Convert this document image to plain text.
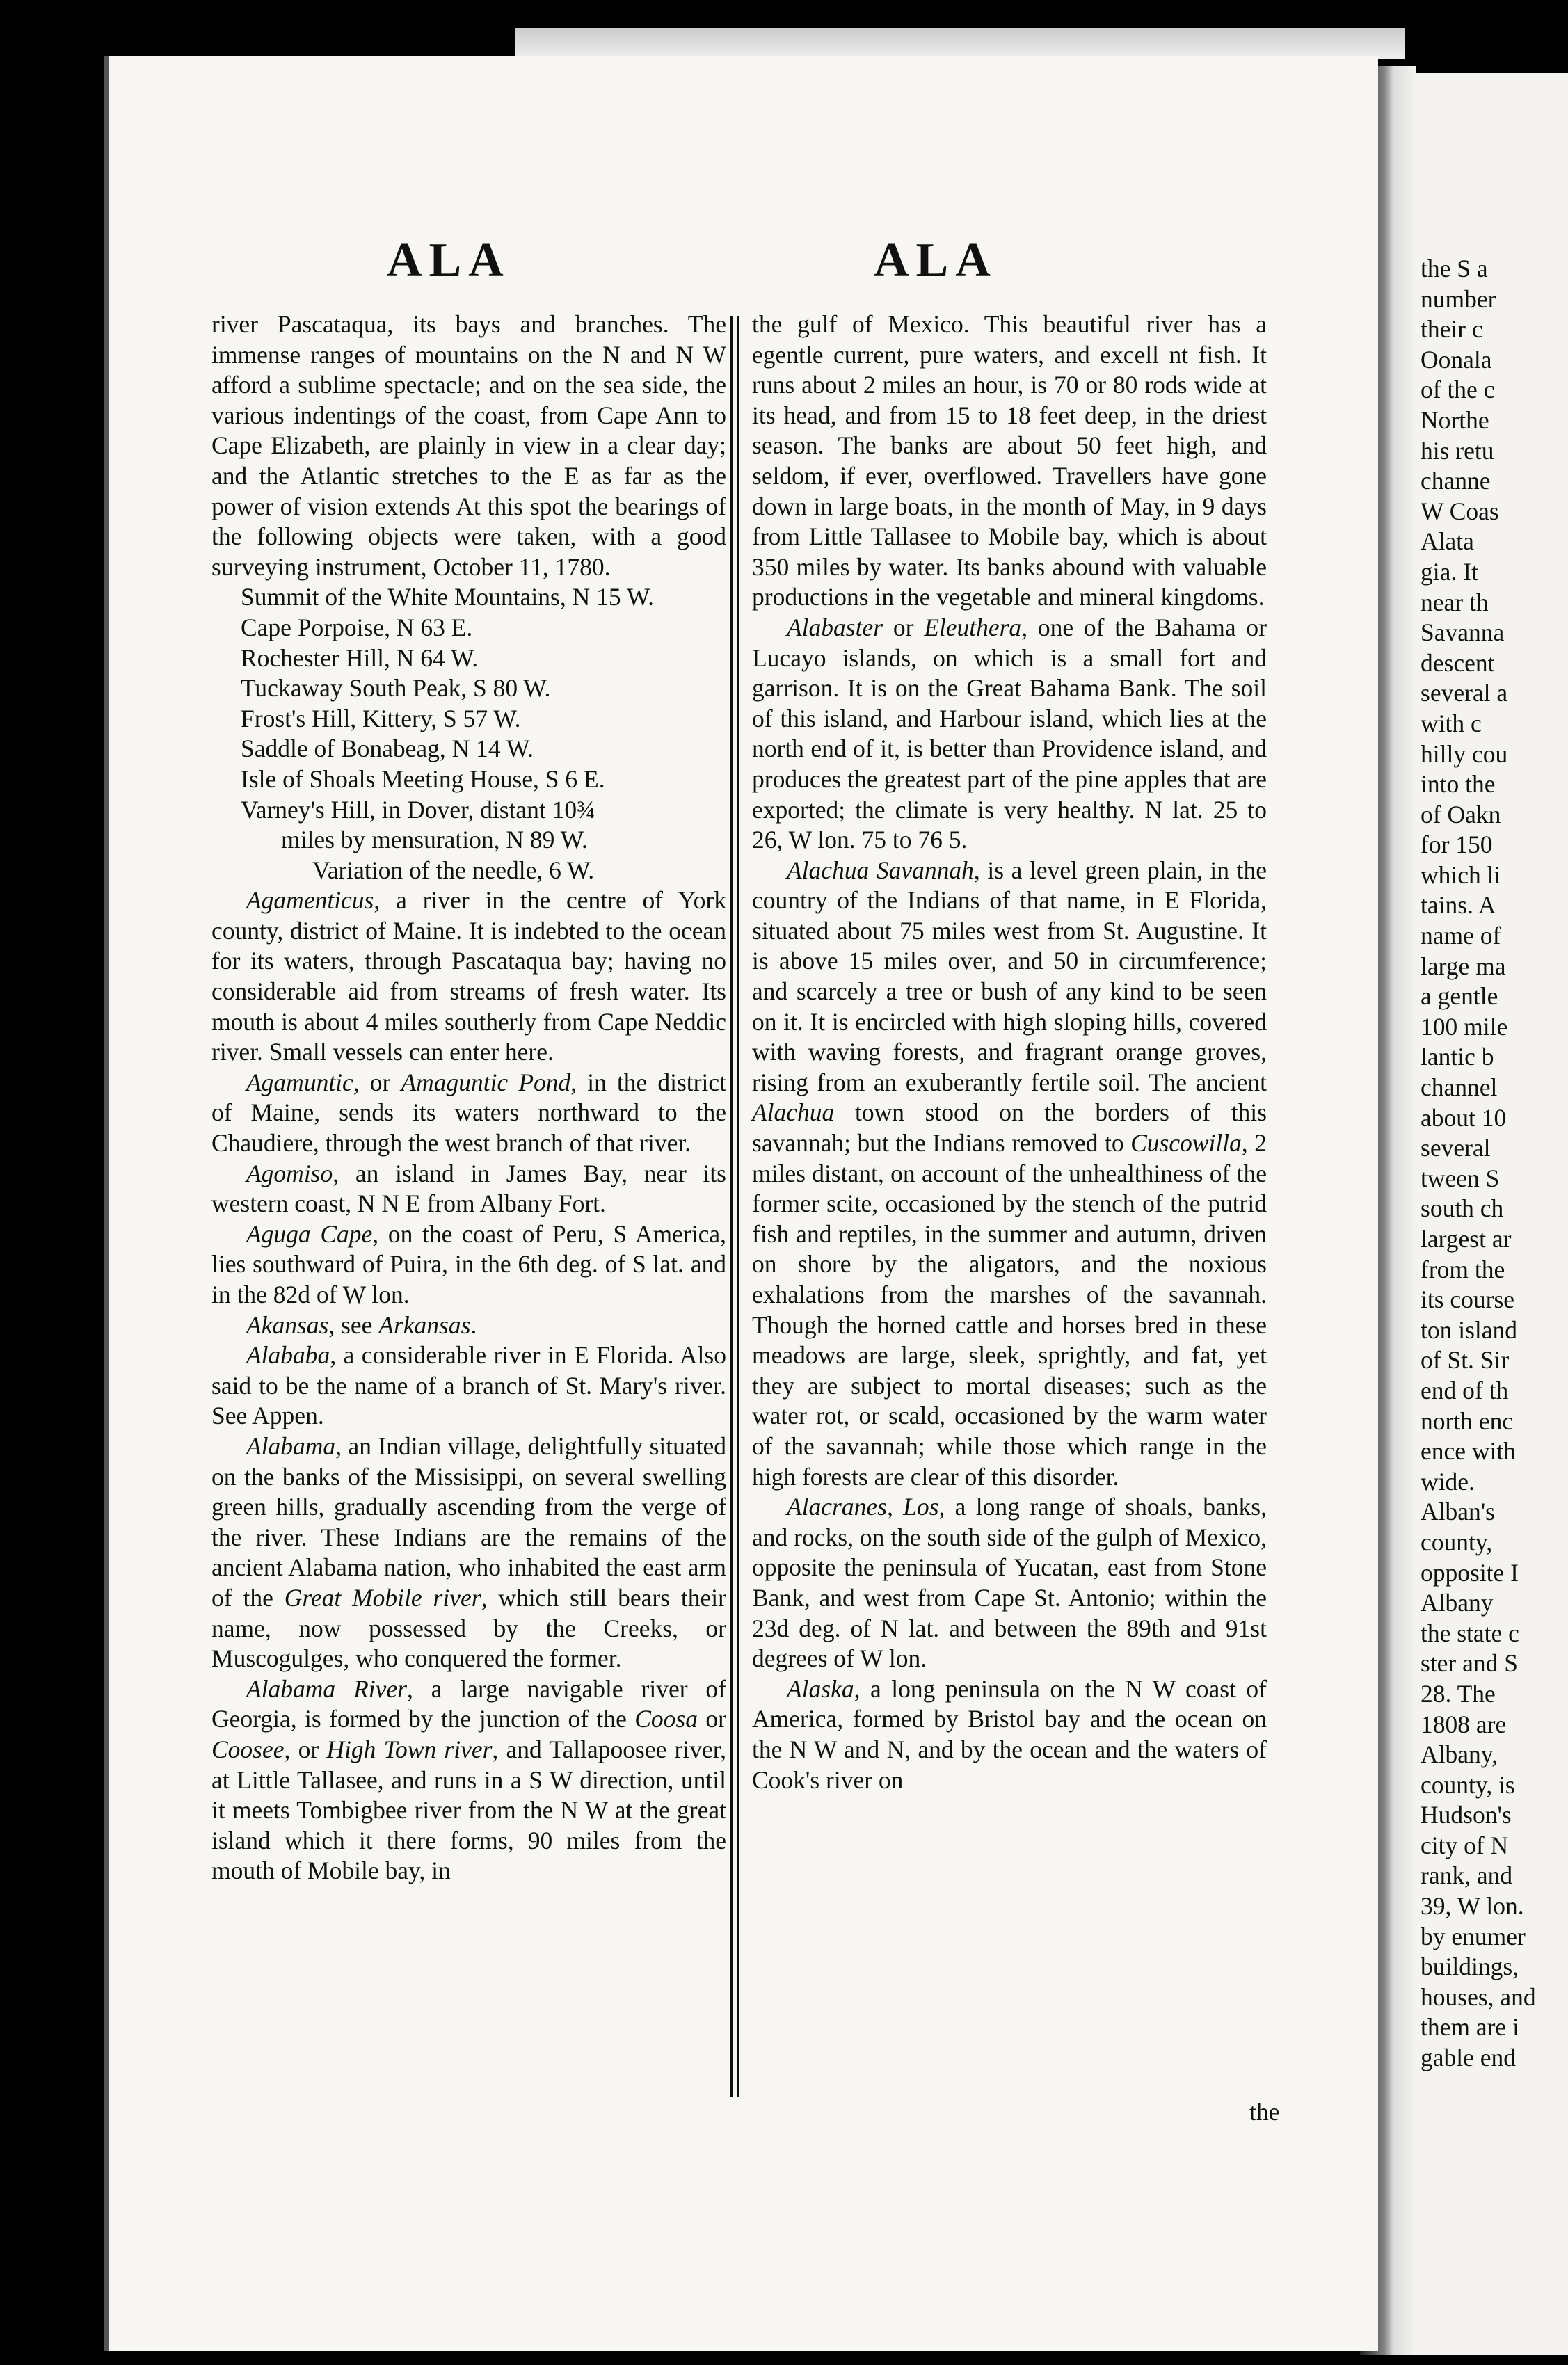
the S a

number

their c

Oonala

of the c

Northe

his retu

channe

W Coas

Alata

gia. It

near th

Savanna

descent

several a

with c

hilly cou

into the

of Oakn

for 150

which li

tains. A

name of

large ma

a gentle

100 mile

lantic b

channel

about 10

several

tween S

south ch

largest ar

from the

its course

ton island

of St. Sir

end of th

north enc

ence with

wide.

Alban's

county,

opposite I

Albany

the state c

ster and S

28. The

1808 are

Albany,

county, is

Hudson's

city of N

rank, and

39, W lon.

by enumer

buildings,

houses, and

them are i

gable end

ALA	ALA

river Pascataqua, its bays and branches. The immense ranges of mountains on the N and N W afford a sublime spectacle; and on the sea side, the various indentings of the coast, from Cape Ann to Cape Elizabeth, are plainly in view in a clear day; and the Atlantic stretches to the E as far as the power of vision extends At this spot the bearings of the following objects were taken, with a good surveying instrument, October 11, 1780.

Summit of the White Mountains, N 15 W.

Cape Porpoise, N 63 E.

Rochester Hill, N 64 W.

Tuckaway South Peak, S 80 W.

Frost's Hill, Kittery, S 57 W.

Saddle of Bonabeag, N 14 W.

Isle of Shoals Meeting House, S 6 E.

Varney's Hill, in Dover, distant 10¾

miles by mensuration, N 89 W.

Variation of the needle, 6 W.

Agamenticus, a river in the centre of York county, district of Maine. It is indebted to the ocean for its waters, through Pascataqua bay; having no considerable aid from streams of fresh water. Its mouth is about 4 miles southerly from Cape Neddic river. Small vessels can enter here.

Agamuntic, or Amaguntic Pond, in the district of Maine, sends its waters northward to the Chaudiere, through the west branch of that river.

Agomiso, an island in James Bay, near its western coast, N N E from Albany Fort.

Aguga Cape, on the coast of Peru, S America, lies southward of Puira, in the 6th deg. of S lat. and in the 82d of W lon.

Akansas, see Arkansas.

Alababa, a considerable river in E Florida. Also said to be the name of a branch of St. Mary's river. See Appen.

Alabama, an Indian village, delightfully situated on the banks of the Missisippi, on several swelling green hills, gradually ascending from the verge of the river. These Indians are the remains of the ancient Alabama nation, who inhabited the east arm of the Great Mobile river, which still bears their name, now possessed by the Creeks, or Muscogulges, who conquered the former.

Alabama River, a large navigable river of Georgia, is formed by the junction of the Coosa or Coosee, or High Town river, and Tallapoosee river, at Little Tallasee, and runs in a S W direction, until it meets Tombigbee river from the N W at the great island which it there forms, 90 miles from the mouth of Mobile bay, in

the gulf of Mexico. This beautiful river has a egentle current, pure waters, and excell nt fish. It runs about 2 miles an hour, is 70 or 80 rods wide at its head, and from 15 to 18 feet deep, in the driest season. The banks are about 50 feet high, and seldom, if ever, overflowed. Travellers have gone down in large boats, in the month of May, in 9 days from Little Tallasee to Mobile bay, which is about 350 miles by water. Its banks abound with valuable productions in the vegetable and mineral kingdoms.

Alabaster or Eleuthera, one of the Bahama or Lucayo islands, on which is a small fort and garrison. It is on the Great Bahama Bank. The soil of this island, and Harbour island, which lies at the north end of it, is better than Providence island, and produces the greatest part of the pine apples that are exported; the climate is very healthy. N lat. 25 to 26, W lon. 75 to 76 5.

Alachua Savannah, is a level green plain, in the country of the Indians of that name, in E Florida, situated about 75 miles west from St. Augustine. It is above 15 miles over, and 50 in circumference; and scarcely a tree or bush of any kind to be seen on it. It is encircled with high sloping hills, covered with waving forests, and fragrant orange groves, rising from an exuberantly fertile soil. The ancient Alachua town stood on the borders of this savannah; but the Indians removed to Cuscowilla, 2 miles distant, on account of the unhealthiness of the former scite, occasioned by the stench of the putrid fish and reptiles, in the summer and autumn, driven on shore by the aligators, and the noxious exhalations from the marshes of the savannah. Though the horned cattle and horses bred in these meadows are large, sleek, sprightly, and fat, yet they are subject to mortal diseases; such as the water rot, or scald, occasioned by the warm water of the savannah; while those which range in the high forests are clear of this disorder.

Alacranes, Los, a long range of shoals, banks, and rocks, on the south side of the gulph of Mexico, opposite the peninsula of Yucatan, east from Stone Bank, and west from Cape St. Antonio; within the 23d deg. of N lat. and between the 89th and 91st degrees of W lon.

Alaska, a long peninsula on the N W coast of America, formed by Bristol bay and the ocean on the N W and N, and by the ocean and the waters of Cook's river on

the
